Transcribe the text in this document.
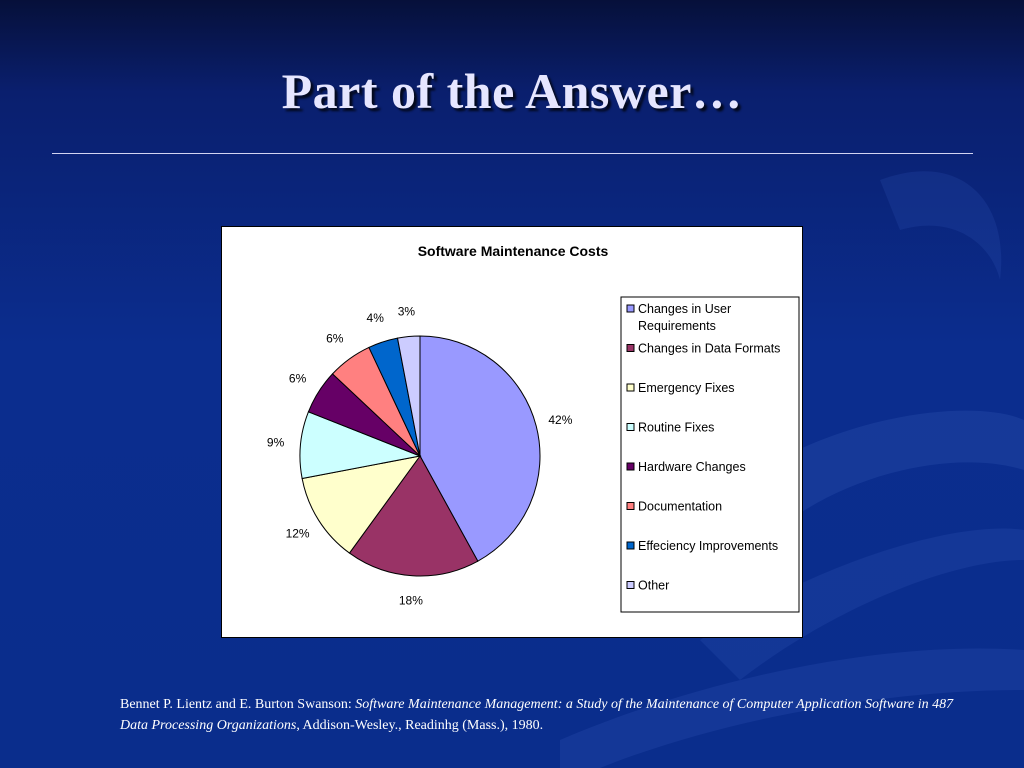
Part of the Answer…
Software Maintenance Costs
42%
18%
12%
9%
6%
6%
4% 3%	Changes in User Requirements
Changes in Data Formats
Emergency Fixes
Routine Fixes
Hardware Changes
Documentation
Effeciency Improvements
Other
Bennet P. Lientz and E. Burton Swanson: Software Maintenance Management: a Study of the Maintenance of Computer Application Software in 487 Data Processing Organizations, Addison-Wesley., Readinhg (Mass.), 1980.
